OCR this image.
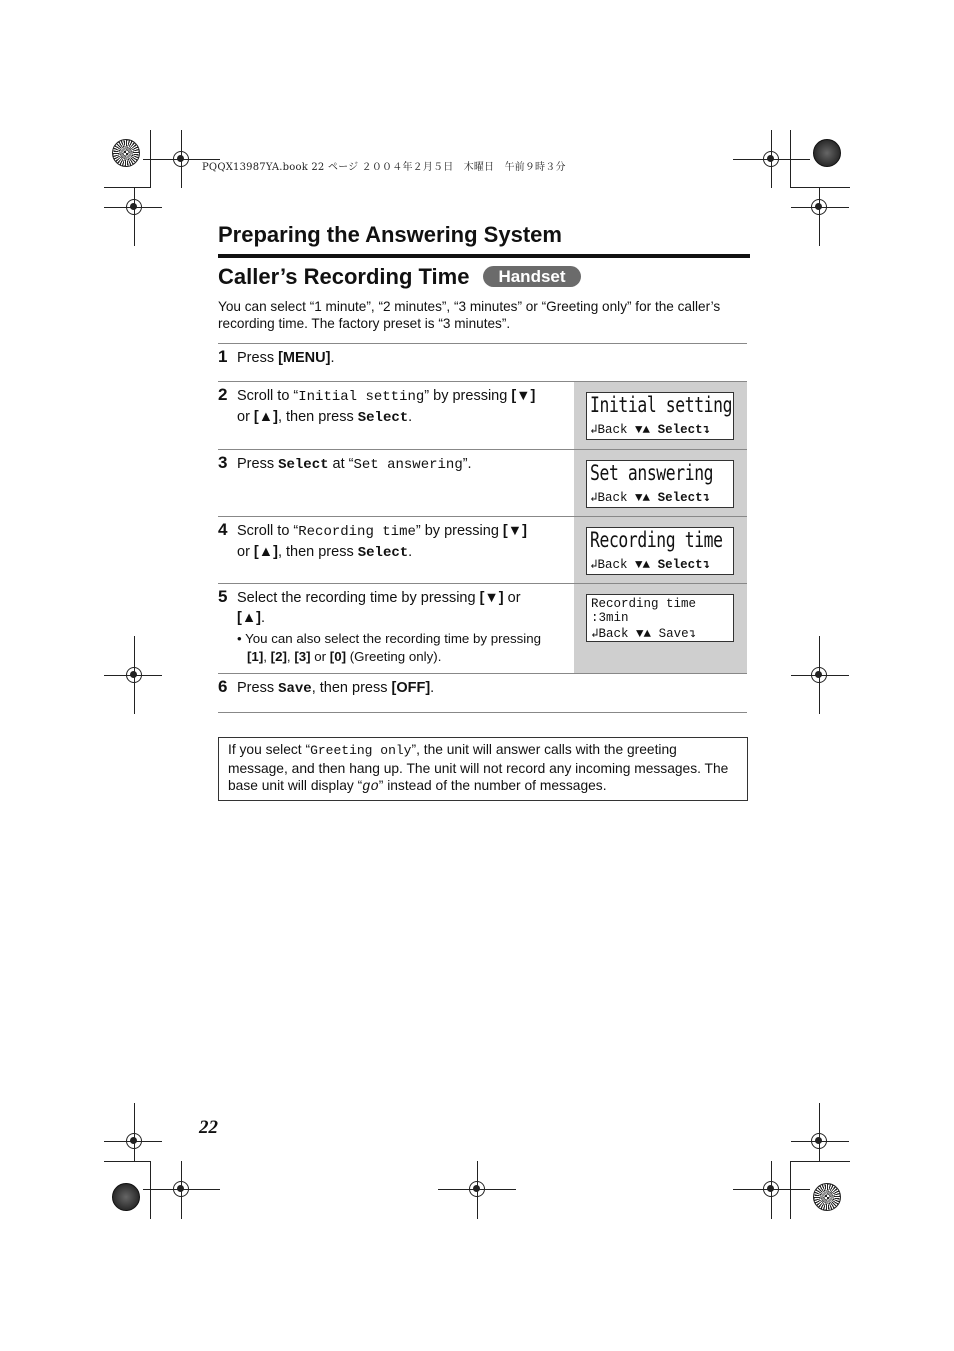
PQQX13987YA.book 22 ページ ２００４年２月５日　木曜日　午前９時３分
Preparing the Answering System
Caller’s Recording Time	Handset
You can select “1 minute”, “2 minutes”, “3 minutes” or “Greeting only” for the caller’s recording time. The factory preset is “3 minutes”.
1 Press [MENU].
2 Scroll to “Initial setting” by pressing [▼]
or [▲], then press Select.
3 Press Select at “Set answering”.
4 Scroll to “Recording time” by pressing [▼]
or [▲], then press Select.
5 Select the recording time by pressing [▼] or
[▲].
• You can also select the recording time by pressing
[1], [2], [3] or [0] (Greeting only).
6 Press Save, then press [OFF].
Initial setting
↲Back ▼▲ Select↴
Set answering
↲Back ▼▲ Select↴
Recording time
↲Back ▼▲ Select↴
Recording time
:3min
↲Back ▼▲ Save↴
If you select “Greeting only”, the unit will answer calls with the greeting message, and then hang up. The unit will not record any incoming messages. The base unit will display “ɡo” instead of the number of messages.
22
